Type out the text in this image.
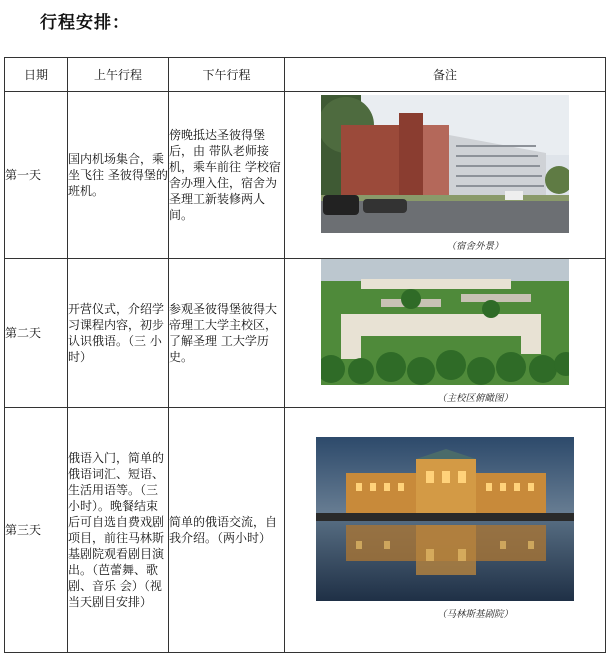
行程安排：
日期	上午行程	下午行程	备注
第一天	国内机场集合，乘坐飞往 圣彼得堡的班机。	傍晚抵达圣彼得堡后，由 带队老师接机，乘车前往 学校宿舍办理入住，宿舍为圣理工新装修两人间。	（宿舍外景）

第二天	开营仪式，介绍学习课程内容，初步认识俄语。（三 小时）	参观圣彼得堡彼得大帝理工大学主校区，了解圣理 工大学历史。	（主校区俯瞰图）

第三天	俄语入门，简单的俄语词汇、短语、生活用语等。（三小时）。晚餐结束后可自选自费戏剧项目，前往马林斯 基剧院观看剧目演出。（芭蕾舞、歌剧、音乐 会）（视当天剧目安排）	简单的俄语交流，自我介绍。（两小时）	（马林斯基剧院）
